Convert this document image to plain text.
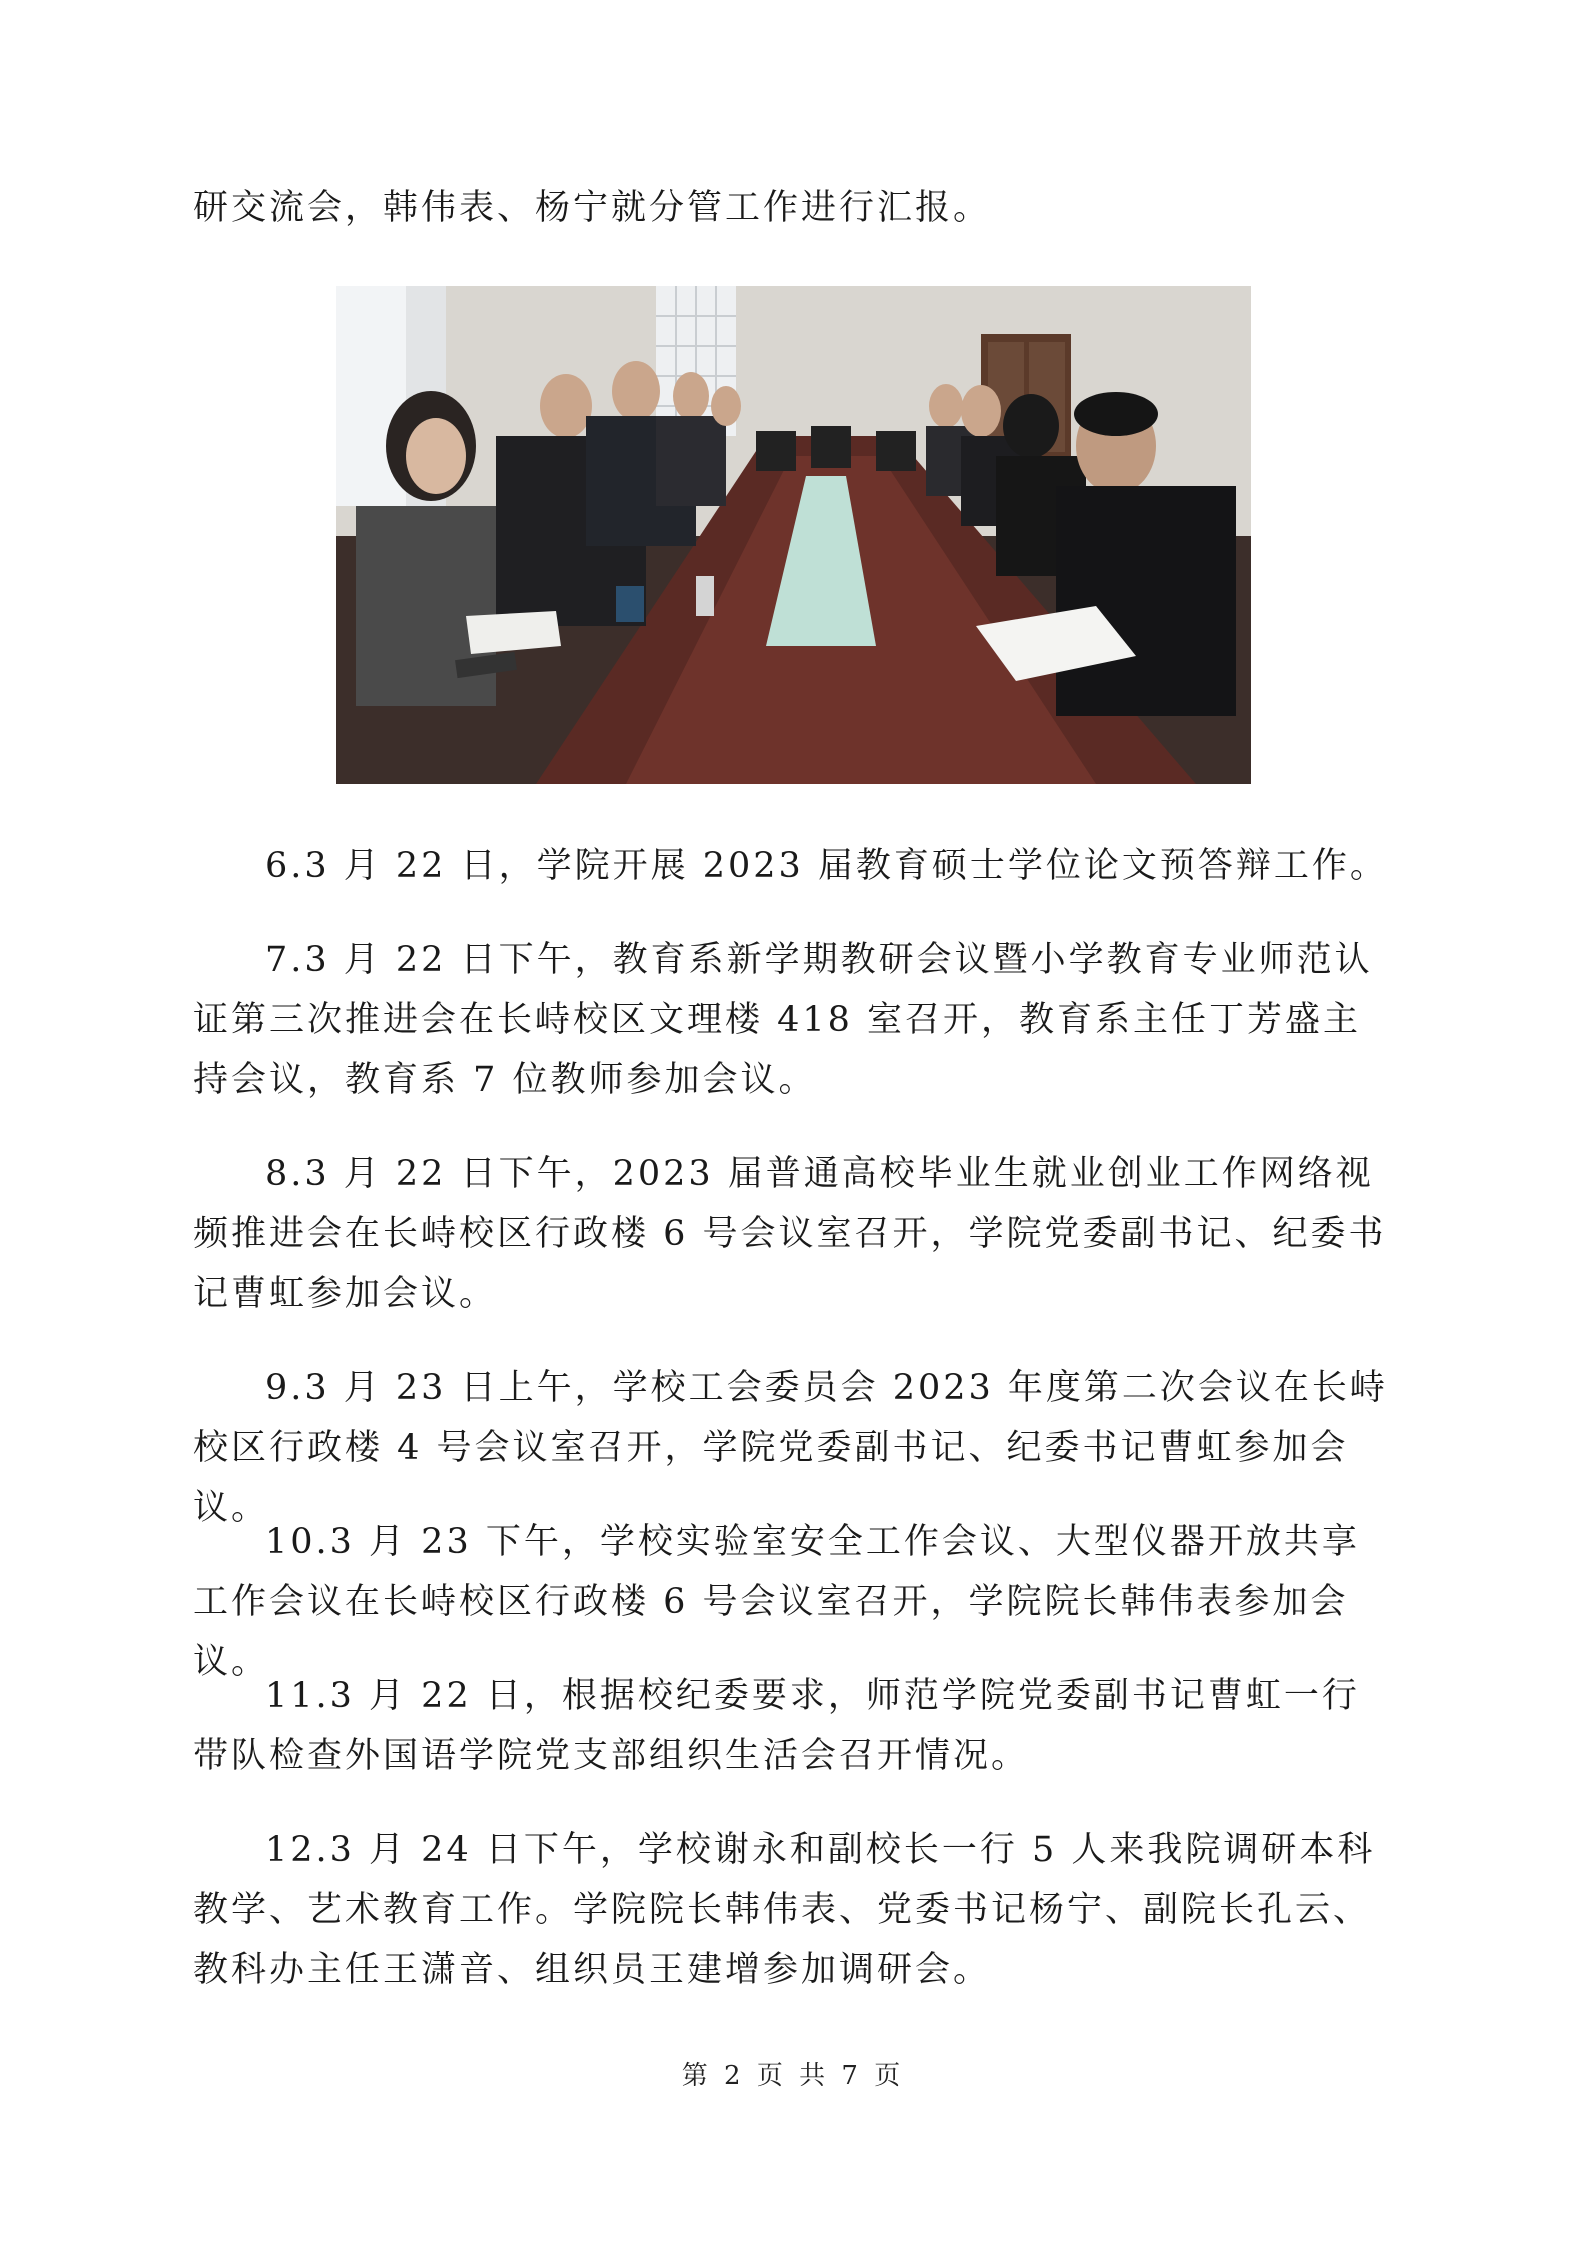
研交流会，韩伟表、杨宁就分管工作进行汇报。

6.3 月 22 日，学院开展 2023 届教育硕士学位论文预答辩工作。

7.3 月 22 日下午，教育系新学期教研会议暨小学教育专业师范认证第三次推进会在长峙校区文理楼 418 室召开，教育系主任丁芳盛主持会议，教育系 7 位教师参加会议。

8.3 月 22 日下午，2023 届普通高校毕业生就业创业工作网络视频推进会在长峙校区行政楼 6 号会议室召开，学院党委副书记、纪委书记曹虹参加会议。

9.3 月 23 日上午，学校工会委员会 2023 年度第二次会议在长峙校区行政楼 4 号会议室召开，学院党委副书记、纪委书记曹虹参加会议。

10.3 月 23 下午，学校实验室安全工作会议、大型仪器开放共享工作会议在长峙校区行政楼 6 号会议室召开，学院院长韩伟表参加会议。

11.3 月 22 日，根据校纪委要求，师范学院党委副书记曹虹一行带队检查外国语学院党支部组织生活会召开情况。

12.3 月 24 日下午，学校谢永和副校长一行 5 人来我院调研本科教学、艺术教育工作。学院院长韩伟表、党委书记杨宁、副院长孔云、教科办主任王潇音、组织员王建增参加调研会。

第 2 页 共 7 页
